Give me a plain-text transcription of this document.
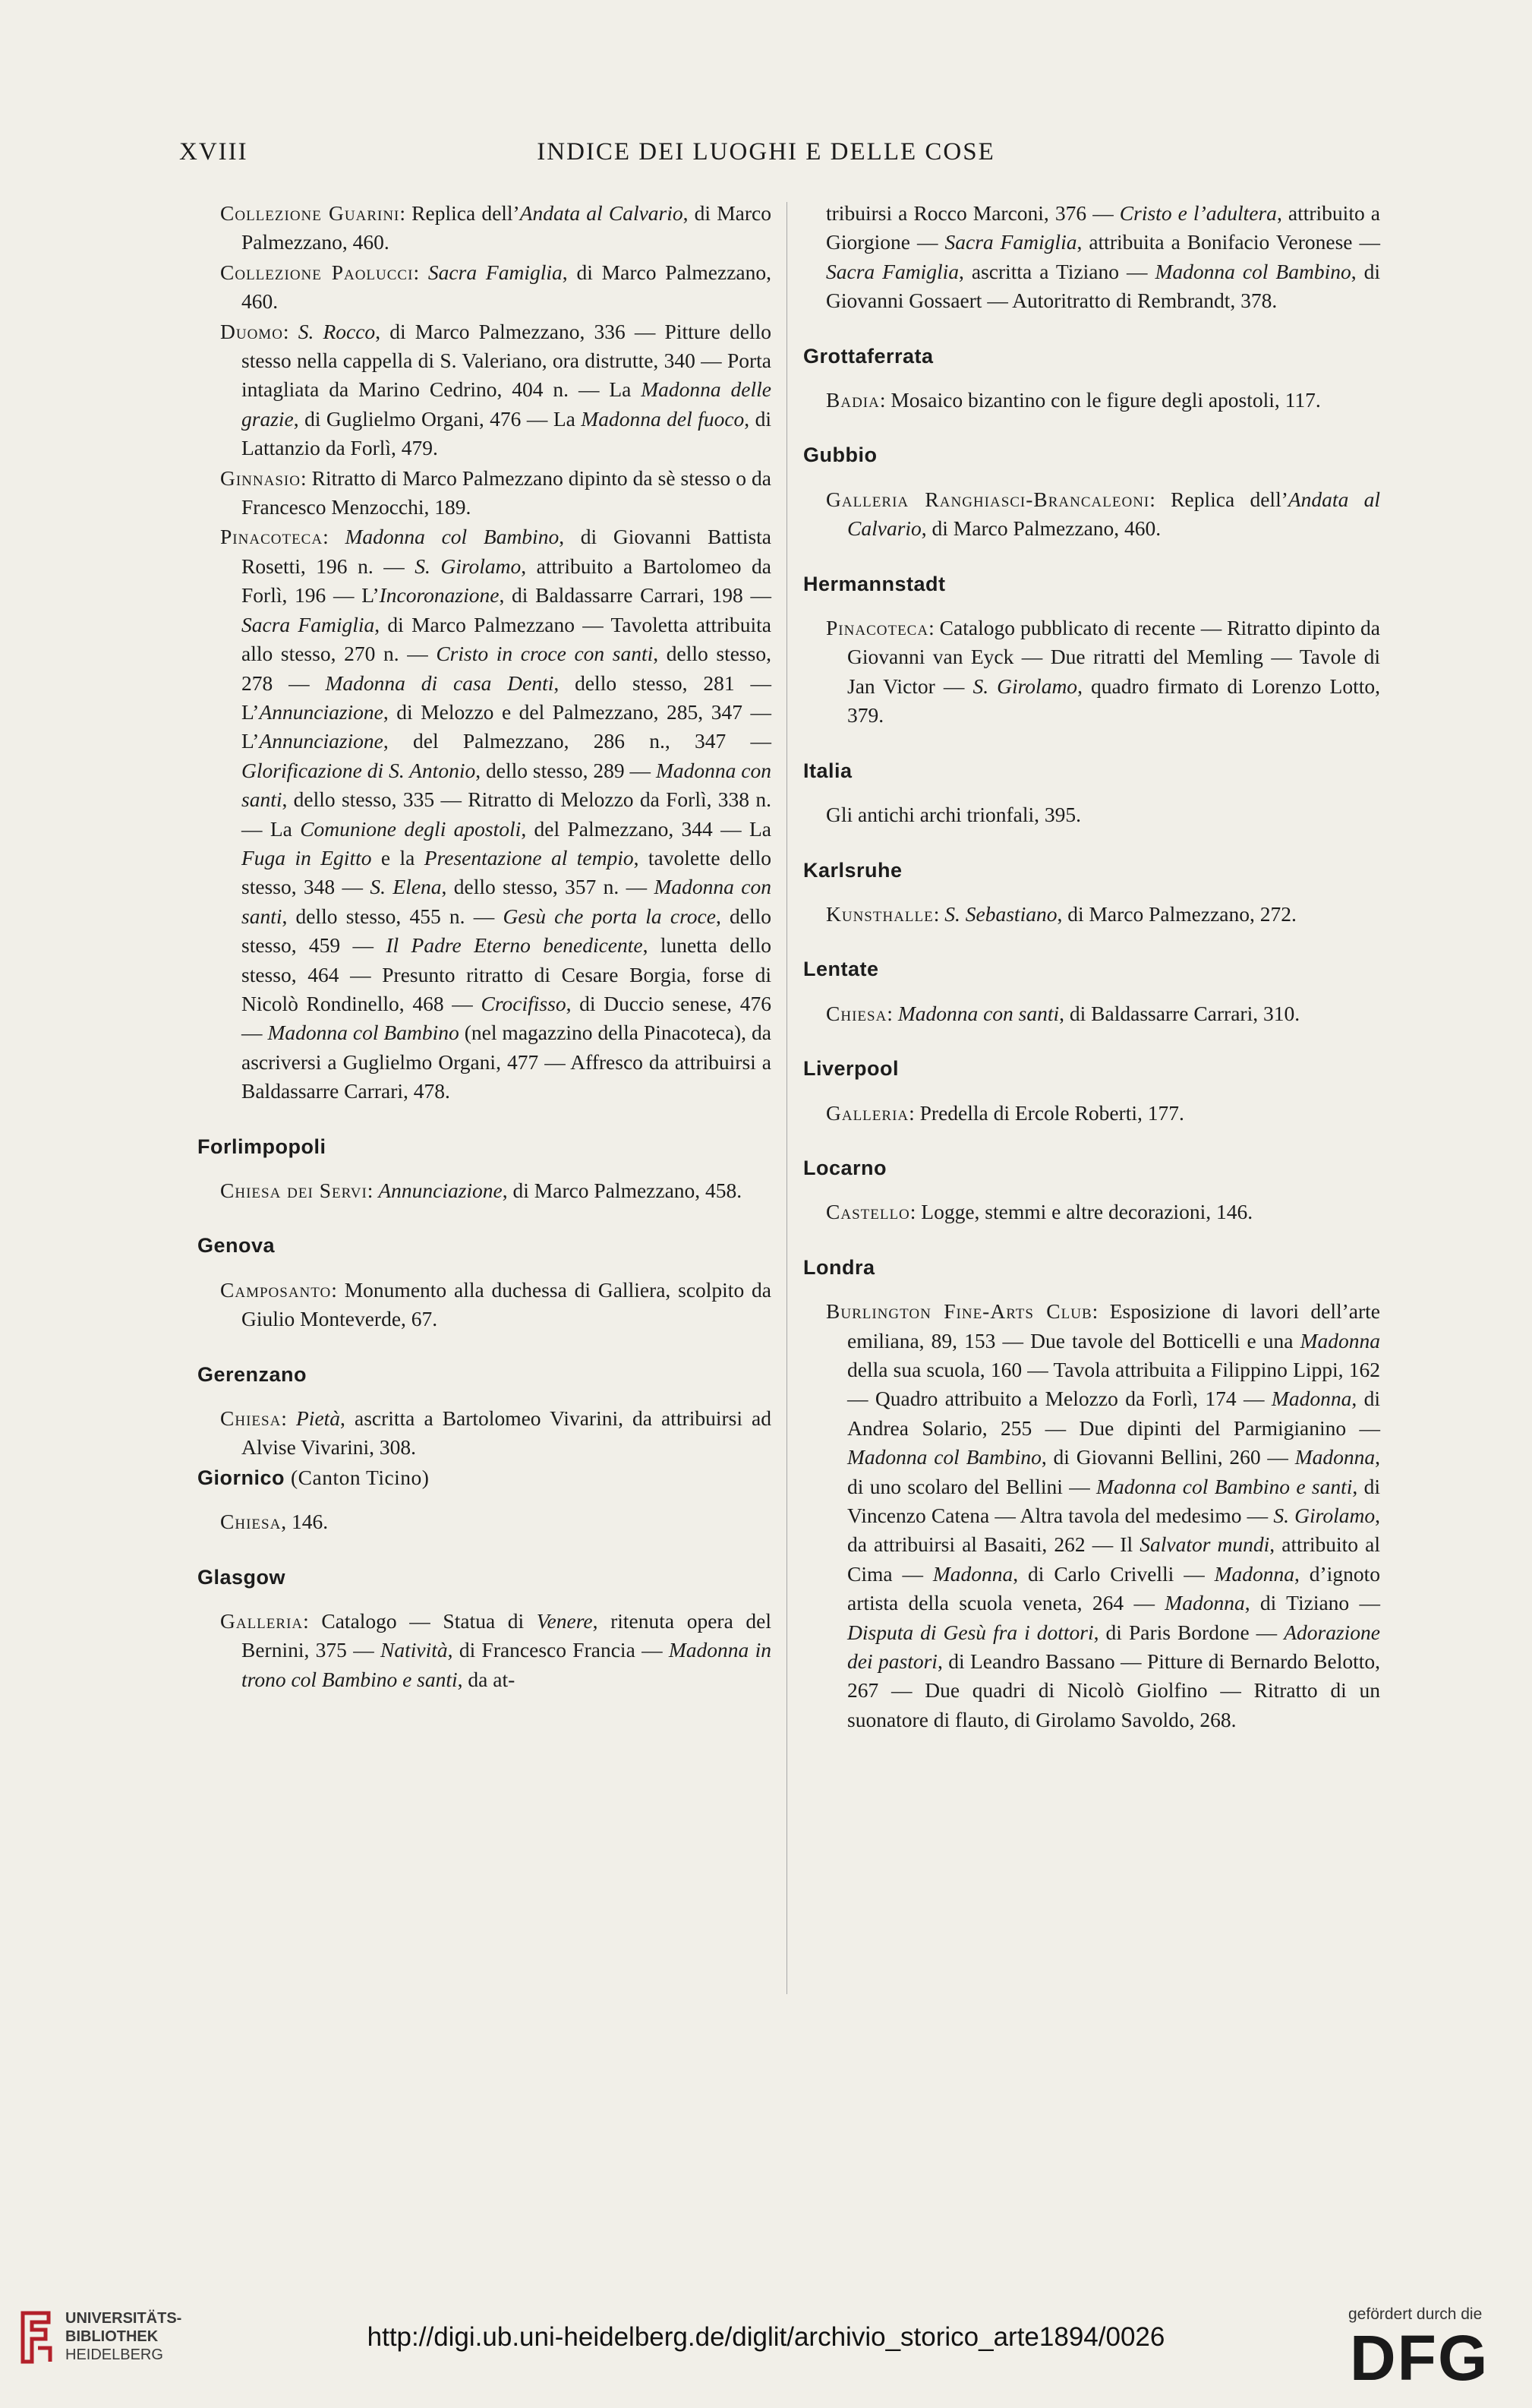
XVIII	INDICE DEI LUOGHI E DELLE COSE
Collezione Guarini: Replica dell’Andata al Calvario, di Marco Palmezzano, 460.
Collezione Paolucci: Sacra Famiglia, di Marco Palmezzano, 460.
Duomo: S. Rocco, di Marco Palmezzano, 336 — Pitture dello stesso nella cappella di S. Valeriano, ora distrutte, 340 — Porta intagliata da Marino Cedrino, 404 n. — La Madonna delle grazie, di Guglielmo Organi, 476 — La Madonna del fuoco, di Lattanzio da Forlì, 479.
Ginnasio: Ritratto di Marco Palmezzano dipinto da sè stesso o da Francesco Menzocchi, 189.
Pinacoteca: Madonna col Bambino, di Giovanni Battista Rosetti, 196 n. — S. Girolamo, attribuito a Bartolomeo da Forlì, 196 — L’Incoronazione, di Baldassarre Carrari, 198 — Sacra Famiglia, di Marco Palmezzano — Tavoletta attribuita allo stesso, 270 n. — Cristo in croce con santi, dello stesso, 278 — Madonna di casa Denti, dello stesso, 281 — L’Annunciazione, di Melozzo e del Palmezzano, 285, 347 — L’Annunciazione, del Palmezzano, 286 n., 347 — Glorificazione di S. Antonio, dello stesso, 289 — Madonna con santi, dello stesso, 335 — Ritratto di Melozzo da Forlì, 338 n. — La Comunione degli apostoli, del Palmezzano, 344 — La Fuga in Egitto e la Presentazione al tempio, tavolette dello stesso, 348 — S. Elena, dello stesso, 357 n. — Madonna con santi, dello stesso, 455 n. — Gesù che porta la croce, dello stesso, 459 — Il Padre Eterno benedicente, lunetta dello stesso, 464 — Presunto ritratto di Cesare Borgia, forse di Nicolò Rondinello, 468 — Crocifisso, di Duccio senese, 476 — Madonna col Bambino (nel magazzino della Pinacoteca), da ascriversi a Guglielmo Organi, 477 — Affresco da attribuirsi a Baldassarre Carrari, 478.
Forlimpopoli
Chiesa dei Servi: Annunciazione, di Marco Palmezzano, 458.
Genova
Camposanto: Monumento alla duchessa di Galliera, scolpito da Giulio Monteverde, 67.
Gerenzano
Chiesa: Pietà, ascritta a Bartolomeo Vivarini, da attribuirsi ad Alvise Vivarini, 308.
Giornico (Canton Ticino)
Chiesa, 146.
Glasgow
Galleria: Catalogo — Statua di Venere, ritenuta opera del Bernini, 375 — Natività, di Francesco Francia — Madonna in trono col Bambino e santi, da at-
tribuirsi a Rocco Marconi, 376 — Cristo e l’adultera, attribuito a Giorgione — Sacra Famiglia, attribuita a Bonifacio Veronese — Sacra Famiglia, ascritta a Tiziano — Madonna col Bambino, di Giovanni Gossaert — Autoritratto di Rembrandt, 378.
Grottaferrata
Badia: Mosaico bizantino con le figure degli apostoli, 117.
Gubbio
Galleria Ranghiasci-Brancaleoni: Replica dell’Andata al Calvario, di Marco Palmezzano, 460.
Hermannstadt
Pinacoteca: Catalogo pubblicato di recente — Ritratto dipinto da Giovanni van Eyck — Due ritratti del Memling — Tavole di Jan Victor — S. Girolamo, quadro firmato di Lorenzo Lotto, 379.
Italia
Gli antichi archi trionfali, 395.
Karlsruhe
Kunsthalle: S. Sebastiano, di Marco Palmezzano, 272.
Lentate
Chiesa: Madonna con santi, di Baldassarre Carrari, 310.
Liverpool
Galleria: Predella di Ercole Roberti, 177.
Locarno
Castello: Logge, stemmi e altre decorazioni, 146.
Londra
Burlington Fine-Arts Club: Esposizione di lavori dell’arte emiliana, 89, 153 — Due tavole del Botticelli e una Madonna della sua scuola, 160 — Tavola attribuita a Filippino Lippi, 162 — Quadro attribuito a Melozzo da Forlì, 174 — Madonna, di Andrea Solario, 255 — Due dipinti del Parmigianino — Madonna col Bambino, di Giovanni Bellini, 260 — Madonna, di uno scolaro del Bellini — Madonna col Bambino e santi, di Vincenzo Catena — Altra tavola del medesimo — S. Girolamo, da attribuirsi al Basaiti, 262 — Il Salvator mundi, attribuito al Cima — Madonna, di Carlo Crivelli — Madonna, d’ignoto artista della scuola veneta, 264 — Madonna, di Tiziano — Disputa di Gesù fra i dottori, di Paris Bordone — Adorazione dei pastori, di Leandro Bassano — Pitture di Bernardo Belotto, 267 — Due quadri di Nicolò Giolfino — Ritratto di un suonatore di flauto, di Girolamo Savoldo, 268.
UNIVERSITÄTS-
BIBLIOTHEK
HEIDELBERG
http://digi.ub.uni-heidelberg.de/diglit/archivio_storico_arte1894/0026
gefördert durch die
DFG
